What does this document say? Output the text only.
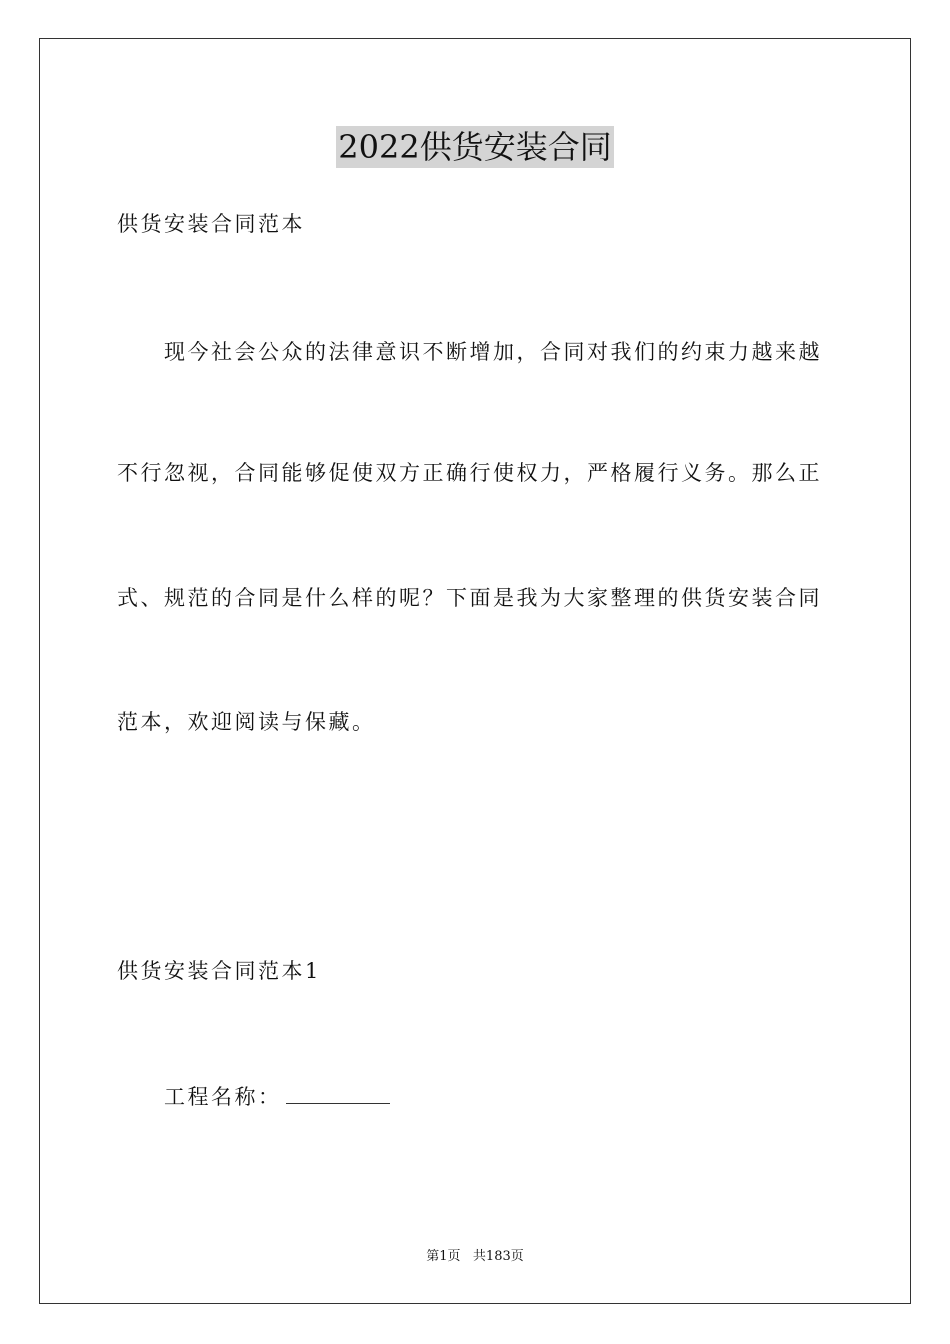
2022供货安装合同

供货安装合同范本

现今社会公众的法律意识不断增加，合同对我们的约束力越来越

不行忽视，合同能够促使双方正确行使权力，严格履行义务。那么正

式、规范的合同是什么样的呢？下面是我为大家整理的供货安装合同

范本，欢迎阅读与保藏。

供货安装合同范本1

工程名称：

第1页 共183页
